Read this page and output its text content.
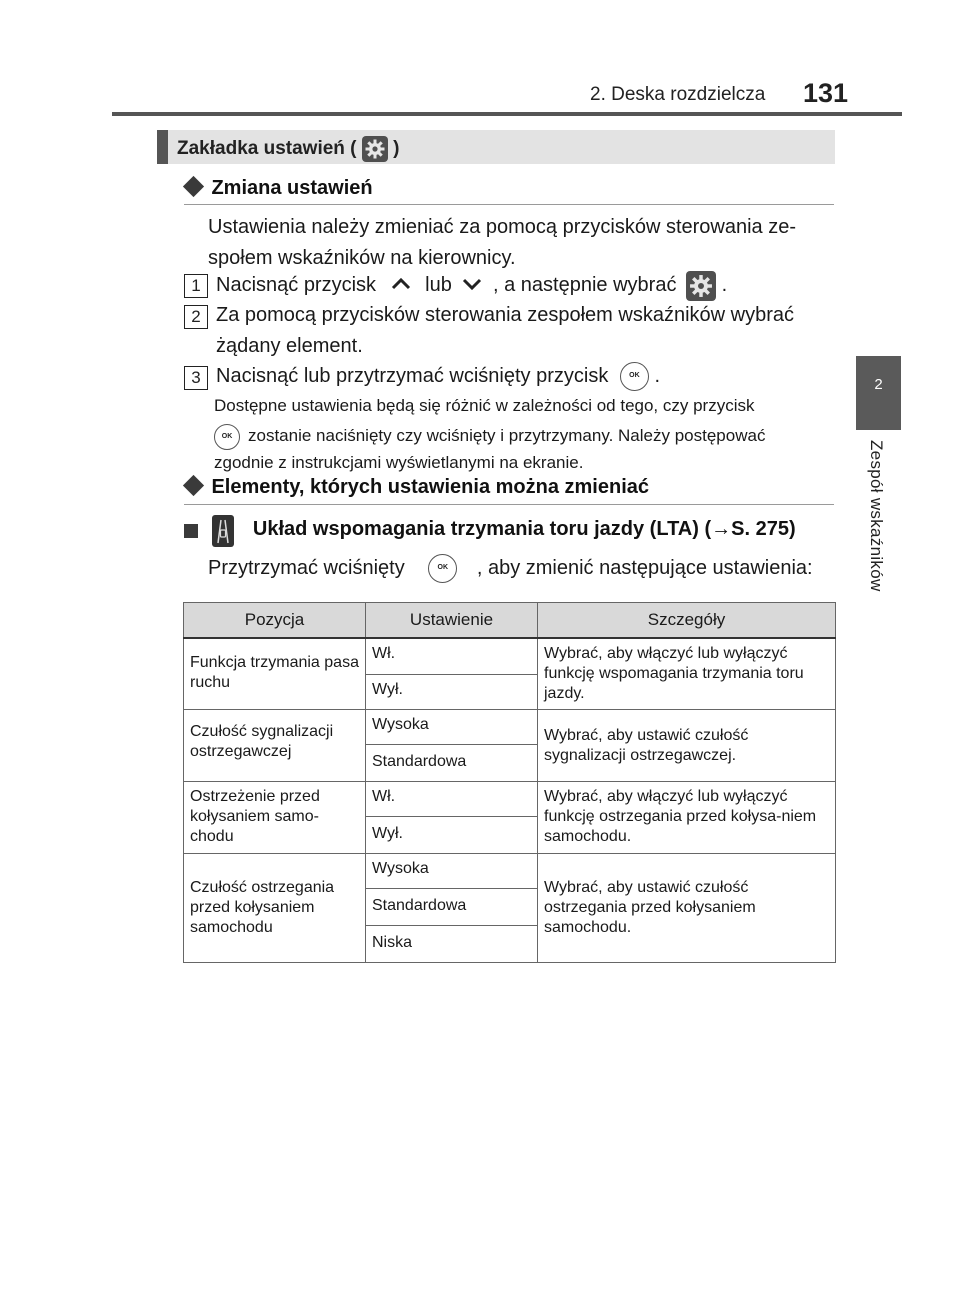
2. Deska rozdzielcza 131
2
Zespół wskaźników
Zakładka ustawień ( )
Zmiana ustawień
Ustawienia należy zmieniać za pomocą przycisków sterowania ze-
społem wskaźników na kierownicy.
1 Nacisnąć przycisk lub , a następnie wybrać .
2 Za pomocą przycisków sterowania zespołem wskaźników wybrać
żądany element.
3 Nacisnąć lub przytrzymać wciśnięty przycisk	OK .
Dostępne ustawienia będą się różnić w zależności od tego, czy przycisk
OK zostanie naciśnięty czy wciśnięty i przytrzymany. Należy postępować
zgodnie z instrukcjami wyświetlanymi na ekranie.
Elementy, których ustawienia można zmieniać
Układ wspomagania trzymania toru jazdy (LTA) (→S. 275)
Przytrzymać wciśnięty	OK , aby zmienić następujące ustawienia:
Pozycja	Ustawienie	Szczegóły
Funkcja trzymania pasa ruchu	Wł.	Wybrać, aby włączyć lub wyłączyć funkcję wspomagania trzymania toru jazdy.
	Wył.	
Czułość sygnalizacji ostrzegawczej	Wysoka	Wybrać, aby ustawić czułość sygnalizacji ostrzegawczej.
	Standardowa	
Ostrzeżenie przed kołysaniem samo-chodu	Wł.	Wybrać, aby włączyć lub wyłączyć funkcję ostrzegania przed kołysa-niem samochodu.
	Wył.	
Czułość ostrzegania przed kołysaniem samochodu	Wysoka	Wybrać, aby ustawić czułość ostrzegania przed kołysaniem samochodu.
	Standardowa	
	Niska	
